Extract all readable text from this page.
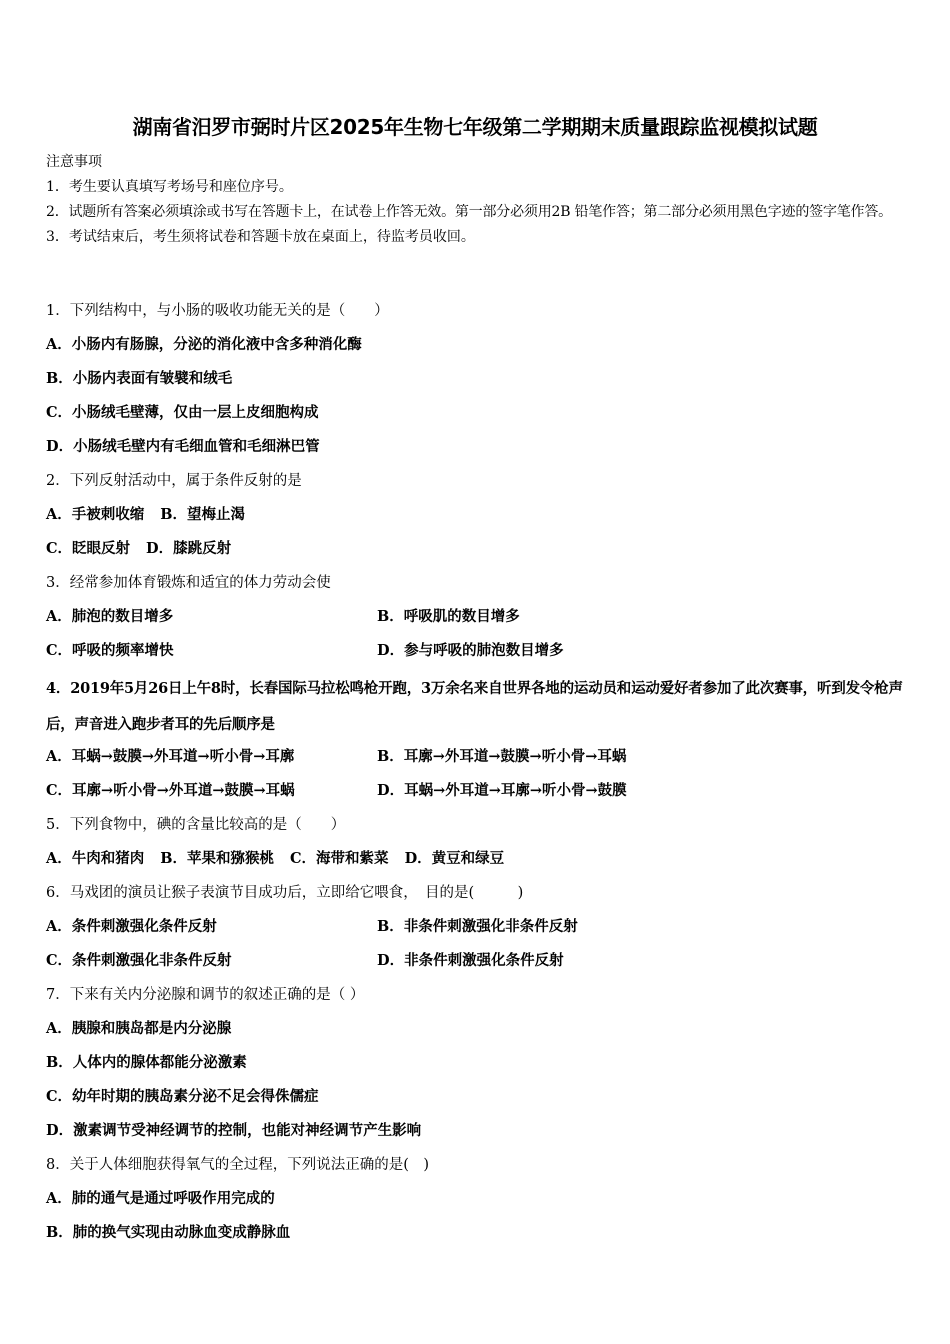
湖南省汨罗市弼时片区2025年生物七年级第二学期期末质量跟踪监视模拟试题
注意事项
1．考生要认真填写考场号和座位序号。
2．试题所有答案必须填涂或书写在答题卡上，在试卷上作答无效。第一部分必须用2B 铅笔作答；第二部分必须用黑色字迹的签字笔作答。
3．考试结束后，考生须将试卷和答题卡放在桌面上，待监考员收回。
1．下列结构中，与小肠的吸收功能无关的是（　　）
A．小肠内有肠腺，分泌的消化液中含多种消化酶
B．小肠内表面有皱襞和绒毛
C．小肠绒毛壁薄，仅由一层上皮细胞构成
D．小肠绒毛壁内有毛细血管和毛细淋巴管
2．下列反射活动中，属于条件反射的是
A．手被刺收缩 B．望梅止渴
C．眨眼反射 D．膝跳反射
3．经常参加体育锻炼和适宜的体力劳动会使
A．肺泡的数目增多	B．呼吸肌的数目增多
C．呼吸的频率增快	D．参与呼吸的肺泡数目增多
4．2019年5月26日上午8时，长春国际马拉松鸣枪开跑，3万余名来自世界各地的运动员和运动爱好者参加了此次赛事，听到发令枪声后，声音进入跑步者耳的先后顺序是
A．耳蜗→鼓膜→外耳道→听小骨→耳廓	B．耳廓→外耳道→鼓膜→听小骨→耳蜗
C．耳廓→听小骨→外耳道→鼓膜→耳蜗	D．耳蜗→外耳道→耳廓→听小骨→鼓膜
5．下列食物中，碘的含量比较高的是（　　）
A．牛肉和猪肉 B．苹果和猕猴桃 C．海带和紫菜 D．黄豆和绿豆
6．马戏团的演员让猴子表演节目成功后，立即给它喂食，　目的是(　　　)
A．条件刺激强化条件反射	B．非条件刺激强化非条件反射
C．条件刺激强化非条件反射	D．非条件刺激强化条件反射
7．下来有关内分泌腺和调节的叙述正确的是（ ）
A．胰腺和胰岛都是内分泌腺
B．人体内的腺体都能分泌激素
C．幼年时期的胰岛素分泌不足会得侏儒症
D．激素调节受神经调节的控制，也能对神经调节产生影响
8．关于人体细胞获得氧气的全过程，下列说法正确的是(　)
A．肺的通气是通过呼吸作用完成的
B．肺的换气实现由动脉血变成静脉血
